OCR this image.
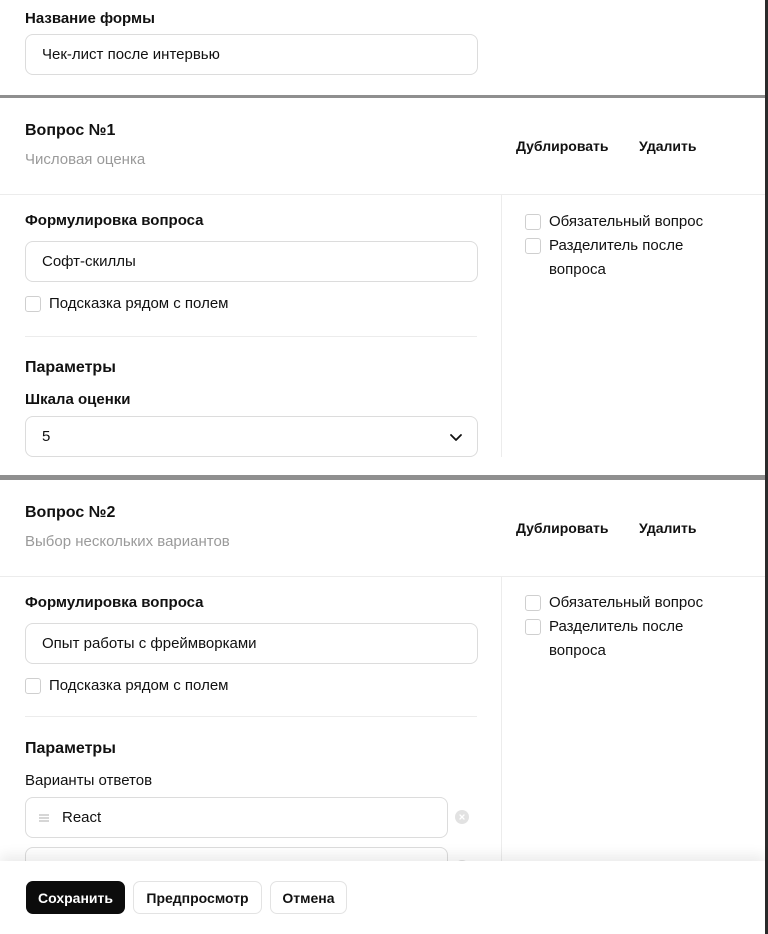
Название формы
Чек-лист после интервью
Вопрос №1
Числовая оценка
Дублировать Удалить
Формулировка вопроса
Софт-скиллы
Подсказка рядом с полем
Параметры
Шкала оценки
5
Обязательный вопрос
Разделитель после вопроса
Вопрос №2
Выбор нескольких вариантов
Дублировать Удалить
Формулировка вопроса
Опыт работы с фреймворками
Подсказка рядом с полем
Параметры
Варианты ответов
React
Обязательный вопрос
Разделитель после вопроса
Сохранить	Предпросмотр	Отмена
